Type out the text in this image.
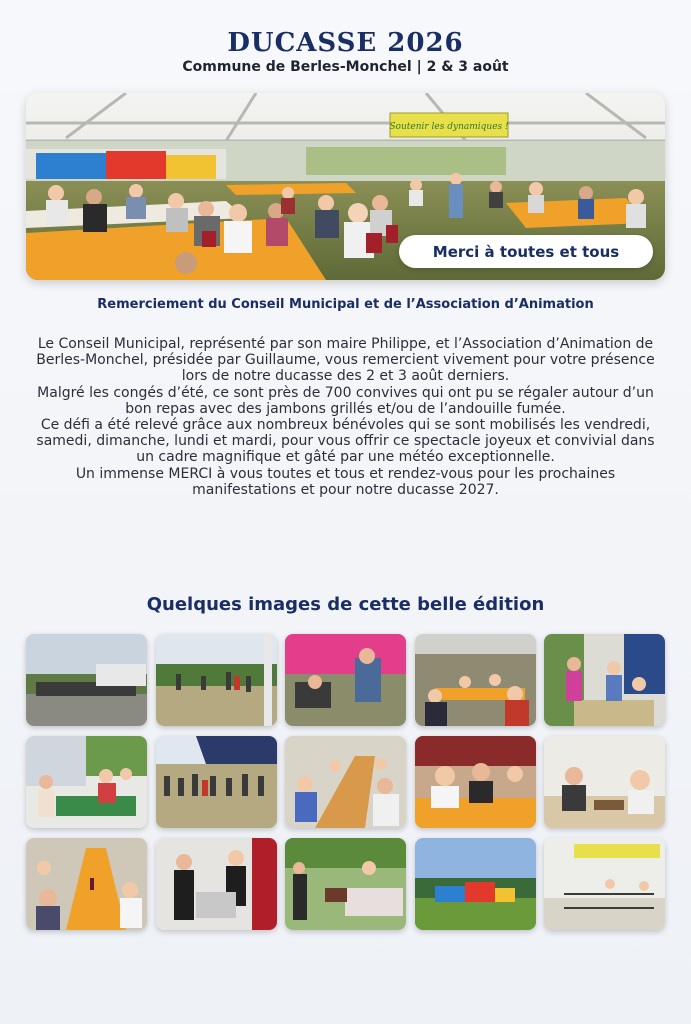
DUCASSE 2026
Commune de Berles-Monchel | 2 & 3 août
Soutenir les dynamiques !
Merci à toutes et tous
Remerciement du Conseil Municipal et de l’Association d’Animation

Le Conseil Municipal, représenté par son maire Philippe, et l’Association d’Animation de Berles-Monchel, présidée par Guillaume, vous remercient vivement pour votre présence lors de notre ducasse des 2 et 3 août derniers.

Malgré les congés d’été, ce sont près de 700 convives qui ont pu se régaler autour d’un bon repas avec des jambons grillés et/ou de l’andouille fumée.

Ce défi a été relevé grâce aux nombreux bénévoles qui se sont mobilisés les vendredi, samedi, dimanche, lundi et mardi, pour vous offrir ce spectacle joyeux et convivial dans un cadre magnifique et gâté par une météo exceptionnelle.

Un immense MERCI à vous toutes et tous et rendez-vous pour les prochaines manifestations et pour notre ducasse 2027.

Quelques images de cette belle édition
